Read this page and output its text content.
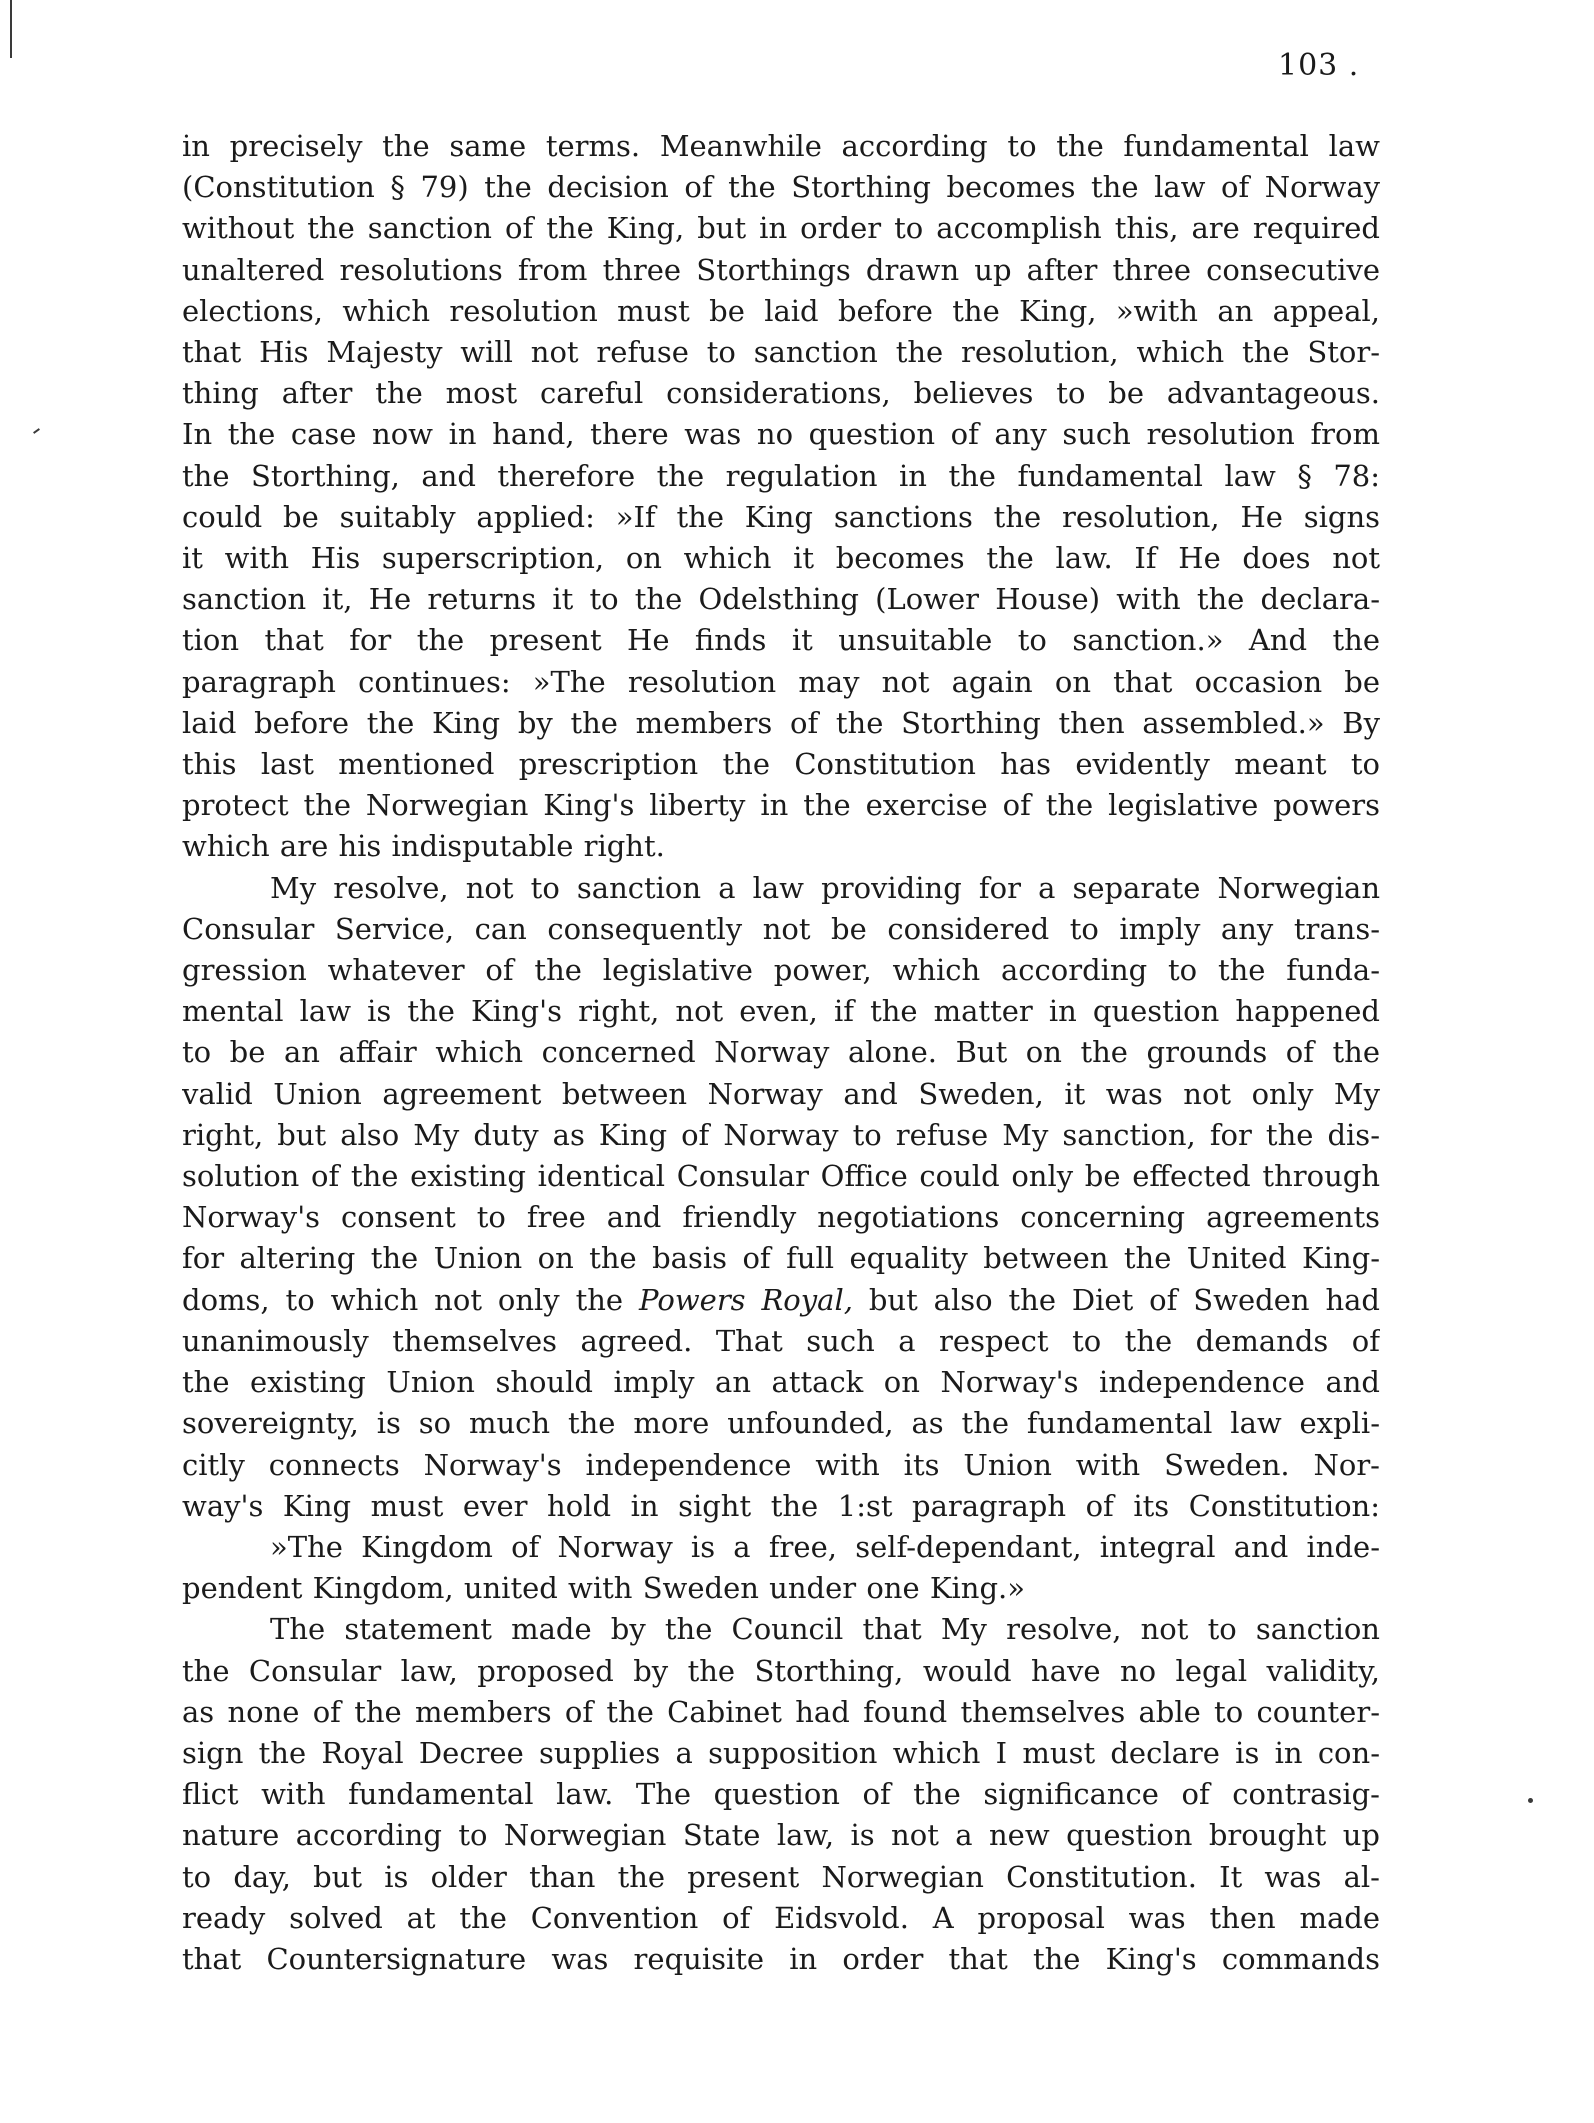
103 .

in precisely the same terms. Meanwhile according to the fundamental law
(Constitution § 79) the decision of the Storthing becomes the law of Norway
without the sanction of the King, but in order to accomplish this, are required
unaltered resolutions from three Storthings drawn up after three consecutive
elections, which resolution must be laid before the King, »with an appeal,
that His Majesty will not refuse to sanction the resolution, which the Stor-
thing after the most careful considerations, believes to be advantageous.
In the case now in hand, there was no question of any such resolution from
the Storthing, and therefore the regulation in the fundamental law § 78:
could be suitably applied: »If the King sanctions the resolution, He signs
it with His superscription, on which it becomes the law. If He does not
sanction it, He returns it to the Odelsthing (Lower House) with the declara-
tion that for the present He finds it unsuitable to sanction.» And the
paragraph continues: »The resolution may not again on that occasion be
laid before the King by the members of the Storthing then assembled.» By
this last mentioned prescription the Constitution has evidently meant to
protect the Norwegian King's liberty in the exercise of the legislative powers
which are his indisputable right.

My resolve, not to sanction a law providing for a separate Norwegian
Consular Service, can consequently not be considered to imply any trans-
gression whatever of the legislative power, which according to the funda-
mental law is the King's right, not even, if the matter in question happened
to be an affair which concerned Norway alone. But on the grounds of the
valid Union agreement between Norway and Sweden, it was not only My
right, but also My duty as King of Norway to refuse My sanction, for the dis-
solution of the existing identical Consular Office could only be effected through
Norway's consent to free and friendly negotiations concerning agreements
for altering the Union on the basis of full equality between the United King-
doms, to which not only the Powers Royal, but also the Diet of Sweden had
unanimously themselves agreed. That such a respect to the demands of
the existing Union should imply an attack on Norway's independence and
sovereignty, is so much the more unfounded, as the fundamental law expli-
citly connects Norway's independence with its Union with Sweden. Nor-
way's King must ever hold in sight the 1:st paragraph of its Constitution:

»The Kingdom of Norway is a free, self-dependant, integral and inde-
pendent Kingdom, united with Sweden under one King.»

The statement made by the Council that My resolve, not to sanction
the Consular law, proposed by the Storthing, would have no legal validity,
as none of the members of the Cabinet had found themselves able to counter-
sign the Royal Decree supplies a supposition which I must declare is in con-
flict with fundamental law. The question of the significance of contrasig-
nature according to Norwegian State law, is not a new question brought up
to day, but is older than the present Norwegian Constitution. It was al-
ready solved at the Convention of Eidsvold. A proposal was then made
that Countersignature was requisite in order that the King's commands
